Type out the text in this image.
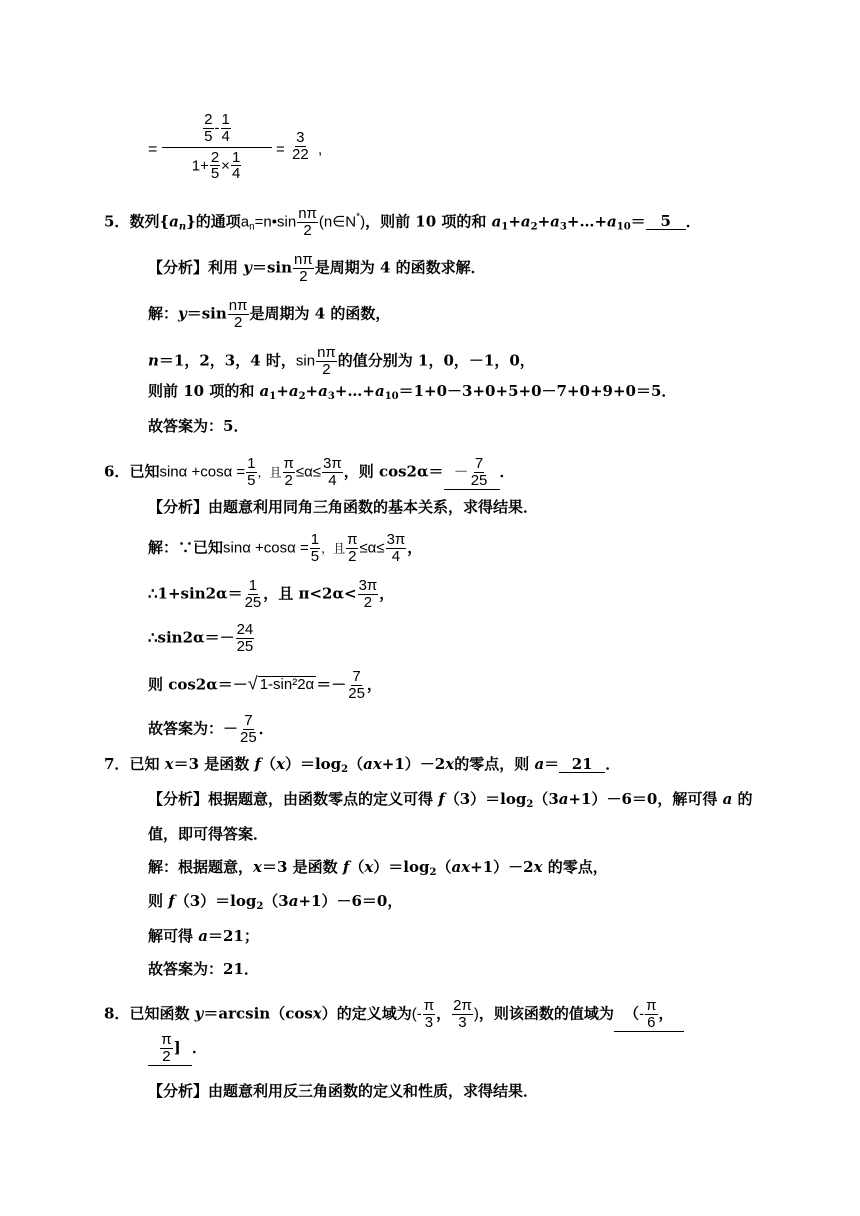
= $\frac{\frac{2}{5} - \frac{1}{4}}{1+ \frac{2}{5} \times \frac{1}{4}} = \frac{3}{22}$ ,
5．数列$\{a_n\}$的通项$a_n=n•\sin \frac{n\pi}{2}$ (n∈N*)，则前 10 项的和 $a_1+a_2+a_3+\dots+a_{10}= 5$ ．
【分析】利用 $y=\sin \frac{n\pi}{2}$ 是周期为 4 的函数求解．
解：$y=\sin \frac{n\pi}{2}$ 是周期为 4 的函数，
n＝1，2，3，4 时，$\sin \frac{n\pi}{2}$ 的值分别为 1，0，－1，0，
则前 10 项的和 $a_1+a_2+a_3+\dots+a_{10}=1+0-3+0+5+0-7+0+9+0=5$．
故答案为：5．
6．已知$\sin\alpha +\cos\alpha = \frac{1}{5}$ ，且 $\frac{\pi}{2} \le\alpha\le \frac{3\pi}{4}$ ，则 $\cos 2\alpha= - \frac{7}{25}$ ．
【分析】由题意利用同角三角函数的基本关系，求得结果．
解：∵已知$\sin\alpha +\cos\alpha = \frac{1}{5}$ ，且 $\frac{\pi}{2} \le\alpha\le \frac{3\pi}{4}$ ，
∴1+sin2α＝ $\frac{1}{25}$ ，且 $\pi<2\alpha< \frac{3\pi}{2}$ ，
∴sin2α＝－ $\frac{24}{25}$
则 cos2α＝－√ $1-\sin^22\alpha =- \frac{7}{25}$ ，
故答案为：－ $\frac{7}{25}$ ．
7．已知 x＝3 是函数 $f(x)=\log_2(ax+1)-2x$的零点，则 a＝ 21 ．
【分析】根据题意，由函数零点的定义可得 $f(3)=\log_2(3a+1)-6=0$，解可得 a 的
值，即可得答案．
解：根据题意，x＝3 是函数 $f(x)=\log_2(ax+1)-2x$ 的零点，
则 $f(3)=\log_2(3a+1)-6=0$，
解可得 a＝21；
故答案为：21．
8．已知函数 y＝arcsin（cosx）的定义域为(- $\frac{\pi}{3}$ ， $\frac{2\pi}{3}$ )，则该函数的值域为 （- $\frac{\pi}{6}$ ，
$\frac{\pi}{2}$ ] ．
【分析】由题意利用反三角函数的定义和性质，求得结果．
